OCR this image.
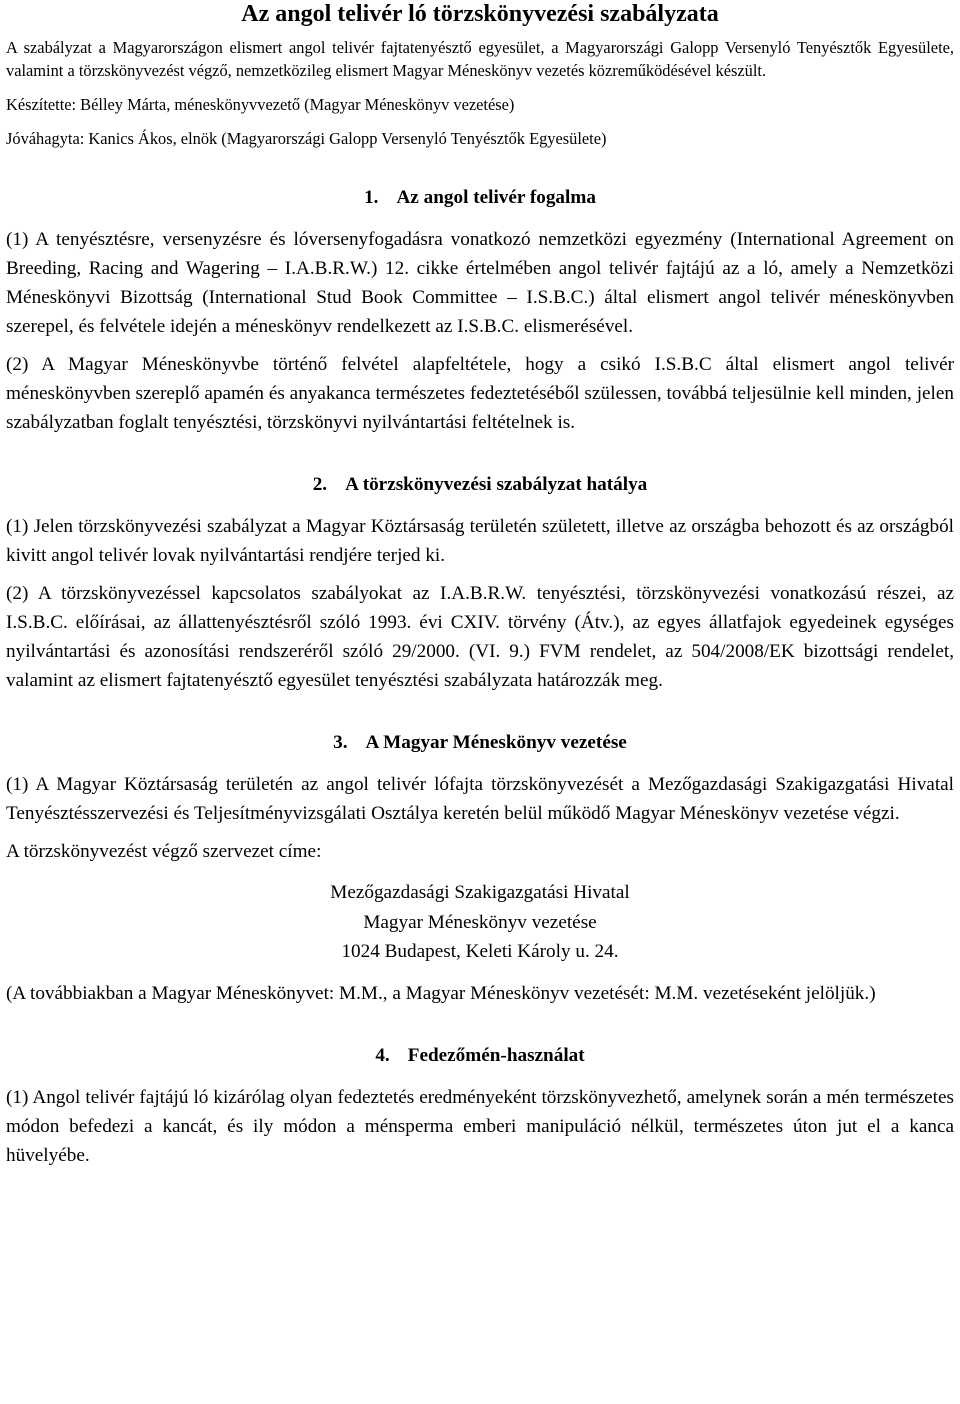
Az angol telivér ló törzskönyvezési szabályzata

A szabályzat a Magyarországon elismert angol telivér fajtatenyésztő egyesület, a Magyarországi Galopp Versenyló Tenyésztők Egyesülete, valamint a törzskönyvezést végző, nemzetközileg elismert Magyar Méneskönyv vezetés közreműködésével készült.

Készítette: Bélley Márta, méneskönyvvezető (Magyar Méneskönyv vezetése)

Jóváhagyta: Kanics Ákos, elnök (Magyarországi Galopp Versenyló Tenyésztők Egyesülete)

1.  Az angol telivér fogalma

(1) A tenyésztésre, versenyzésre és lóversenyfogadásra vonatkozó nemzetközi egyezmény (International Agreement on Breeding, Racing and Wagering – I.A.B.R.W.) 12. cikke értelmében angol telivér fajtájú az a ló, amely a Nemzetközi Méneskönyvi Bizottság (International Stud Book Committee – I.S.B.C.) által elismert angol telivér méneskönyvben szerepel, és felvétele idején a méneskönyv rendelkezett az I.S.B.C. elismerésével.

(2) A Magyar Méneskönyvbe történő felvétel alapfeltétele, hogy a csikó I.S.B.C által elismert angol telivér méneskönyvben szereplő apamén és anyakanca természetes fedeztetéséből szülessen, továbbá teljesülnie kell minden, jelen szabályzatban foglalt tenyésztési, törzskönyvi nyilvántartási feltételnek is.

2.  A törzskönyvezési szabályzat hatálya

(1) Jelen törzskönyvezési szabályzat a Magyar Köztársaság területén született, illetve az országba behozott és az országból kivitt angol telivér lovak nyilvántartási rendjére terjed ki.

(2) A törzskönyvezéssel kapcsolatos szabályokat az I.A.B.R.W. tenyésztési, törzskönyvezési vonatkozású részei, az I.S.B.C. előírásai, az állattenyésztésről szóló 1993. évi CXIV. törvény (Átv.), az egyes állatfajok egyedeinek egységes nyilvántartási és azonosítási rendszeréről szóló 29/2000. (VI. 9.) FVM rendelet, az 504/2008/EK bizottsági rendelet, valamint az elismert fajtatenyésztő egyesület tenyésztési szabályzata határozzák meg.

3.  A Magyar Méneskönyv vezetése

(1) A Magyar Köztársaság területén az angol telivér lófajta törzskönyvezését a Mezőgazdasági Szakigazgatási Hivatal Tenyésztésszervezési és Teljesítményvizsgálati Osztálya keretén belül működő Magyar Méneskönyv vezetése végzi.

A törzskönyvezést végző szervezet címe:

Mezőgazdasági Szakigazgatási Hivatal
Magyar Méneskönyv vezetése
1024 Budapest, Keleti Károly u. 24.

(A továbbiakban a Magyar Méneskönyvet: M.M., a Magyar Méneskönyv vezetését: M.M. vezetéseként jelöljük.)

4.  Fedezőmén-használat

(1) Angol telivér fajtájú ló kizárólag olyan fedeztetés eredményeként törzskönyvezhető, amelynek során a mén természetes módon befedezi a kancát, és ily módon a ménsperma emberi manipuláció nélkül, természetes úton jut el a kanca hüvelyébe.
